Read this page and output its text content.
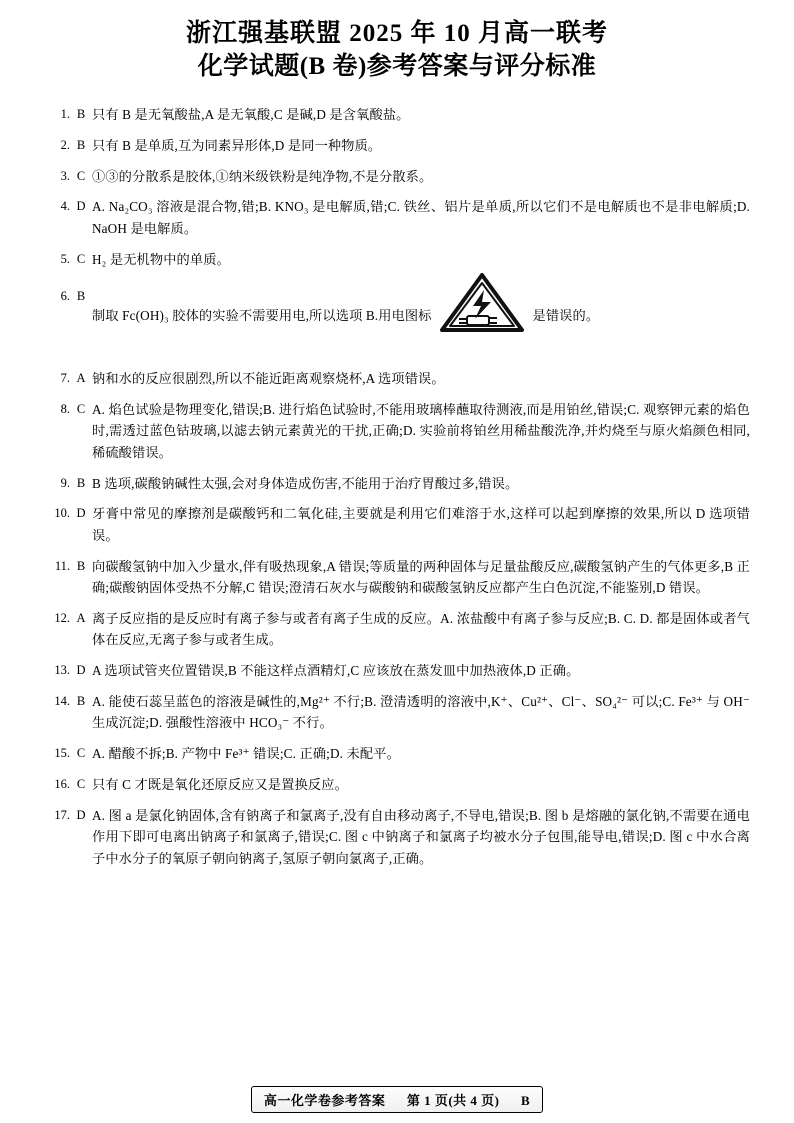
浙江强基联盟 2025 年 10 月高一联考
化学试题(B 卷)参考答案与评分标准
1. B 只有 B 是无氧酸盐,A 是无氧酸,C 是碱,D 是含氧酸盐。
2. B 只有 B 是单质,互为同素异形体,D 是同一种物质。
3. C ①③的分散系是胶体,①纳米级铁粉是纯净物,不是分散系。
4. D A. Na₂CO₃ 溶液是混合物,错;B. KNO₃ 是电解质,错;C. 铁丝、铝片是单质,所以它们不是电解质也不是非电解质;D. NaOH 是电解质。
5. C H₂ 是无机物中的单质。
6. B
制取 Fc(OH)₃ 胶体的实验不需要用电,所以选项 B.用电图标	是错误的。
7. A 钠和水的反应很剧烈,所以不能近距离观察烧杯,A 选项错误。
8. C A. 焰色试验是物理变化,错误;B. 进行焰色试验时,不能用玻璃棒蘸取待测液,而是用铂丝,错误;C. 观察钾元素的焰色时,需透过蓝色钴玻璃,以滤去钠元素黄光的干扰,正确;D. 实验前将铂丝用稀盐酸洗净,并灼烧至与原火焰颜色相同,稀硫酸错误。
9. B B 选项,碳酸钠碱性太强,会对身体造成伤害,不能用于治疗胃酸过多,错误。
10. D 牙膏中常见的摩擦剂是碳酸钙和二氧化硅,主要就是利用它们难溶于水,这样可以起到摩擦的效果,所以 D 选项错误。
11. B 向碳酸氢钠中加入少量水,伴有吸热现象,A 错误;等质量的两种固体与足量盐酸反应,碳酸氢钠产生的气体更多,B 正确;碳酸钠固体受热不分解,C 错误;澄清石灰水与碳酸钠和碳酸氢钠反应都产生白色沉淀,不能鉴别,D 错误。
12. A 离子反应指的是反应时有离子参与或者有离子生成的反应。A. 浓盐酸中有离子参与反应;B. C. D. 都是固体或者气体在反应,无离子参与或者生成。
13. D A 选项试管夹位置错误,B 不能这样点酒精灯,C 应该放在蒸发皿中加热液体,D 正确。
14. B A. 能使石蕊呈蓝色的溶液是碱性的,Mg²⁺ 不行;B. 澄清透明的溶液中,K⁺、Cu²⁺、Cl⁻、SO₄²⁻ 可以;C. Fe³⁺ 与 OH⁻ 生成沉淀;D. 强酸性溶液中 HCO₃⁻ 不行。
15. C A. 醋酸不拆;B. 产物中 Fe³⁺ 错误;C. 正确;D. 未配平。
16. C 只有 C 才既是氧化还原反应又是置换反应。
17. D A. 图 a 是氯化钠固体,含有钠离子和氯离子,没有自由移动离子,不导电,错误;B. 图 b 是熔融的氯化钠,不需要在通电作用下即可电离出钠离子和氯离子,错误;C. 图 c 中钠离子和氯离子均被水分子包围,能导电,错误;D. 图 c 中水合离子中水分子的氧原子朝向钠离子,氢原子朝向氯离子,正确。
高一化学卷参考答案 第 1 页(共 4 页) B
